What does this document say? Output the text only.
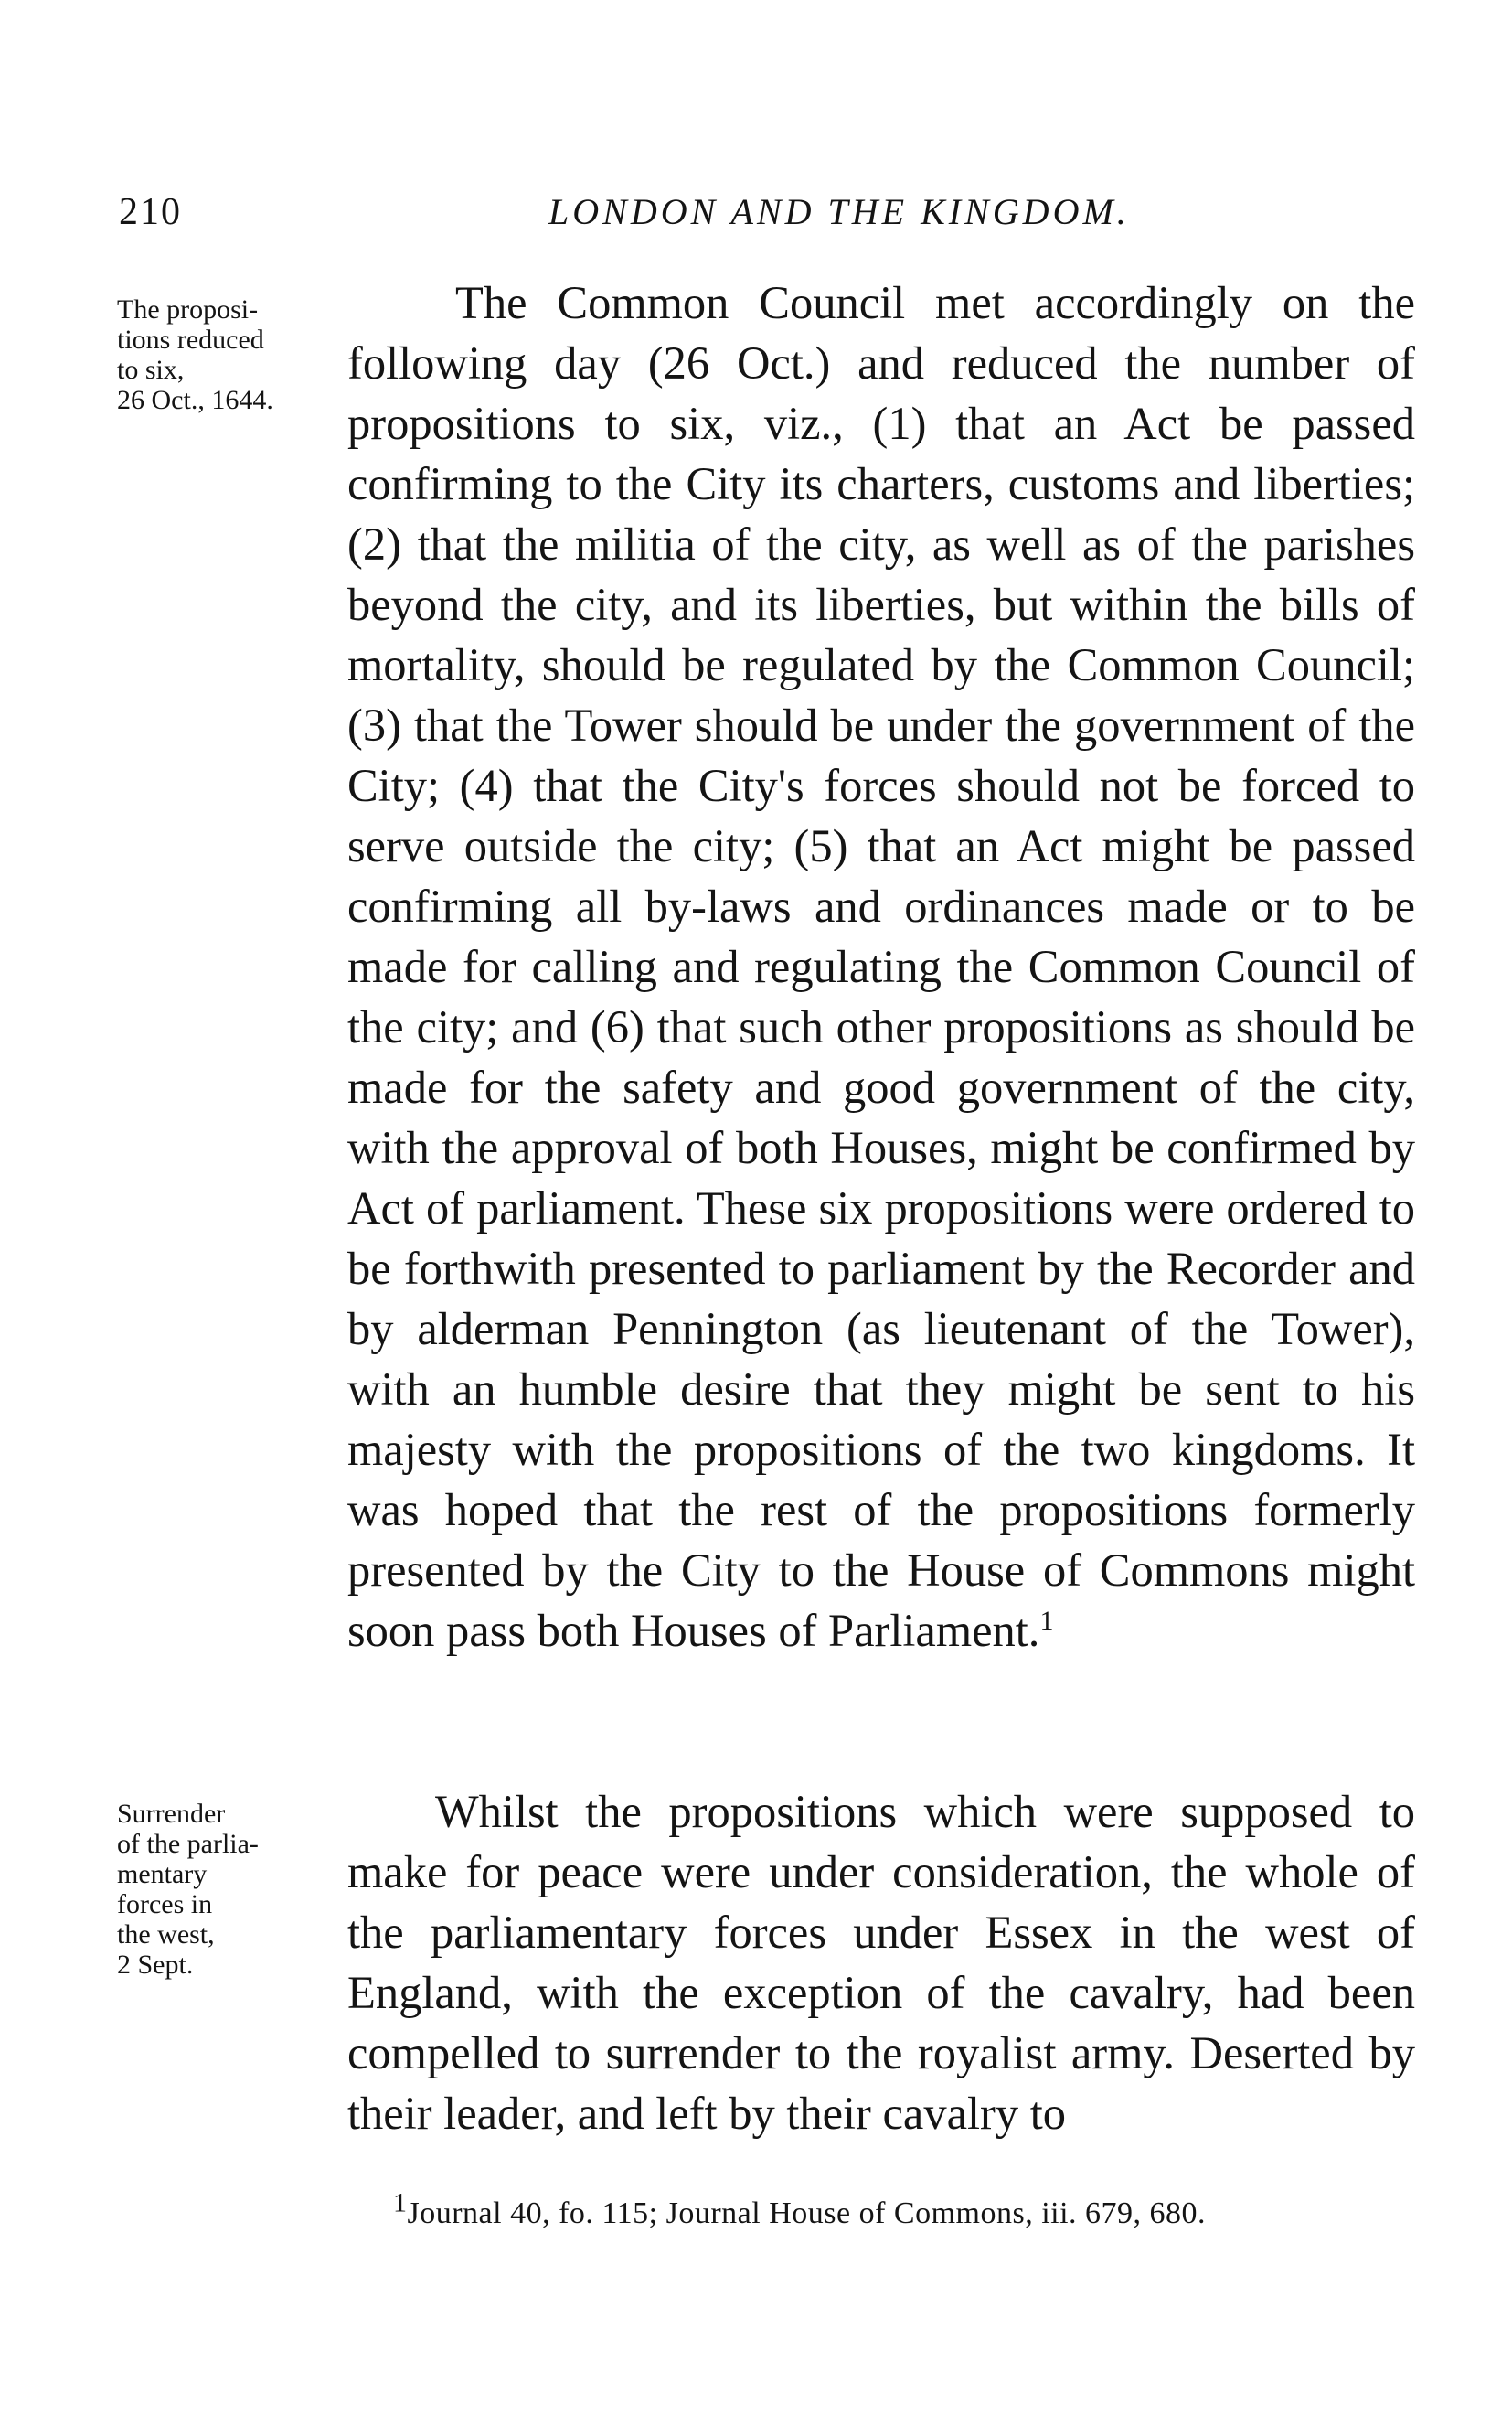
210	LONDON AND THE KINGDOM.
The proposi-
tions reduced
to six,
26 Oct., 1644.

The Common Council met accordingly on the following day (26 Oct.) and reduced the number of propositions to six, viz., (1) that an Act be passed confirming to the City its charters, customs and liberties; (2) that the militia of the city, as well as of the parishes beyond the city, and its liberties, but within the bills of mortality, should be regulated by the Common Council; (3) that the Tower should be under the government of the City; (4) that the City's forces should not be forced to serve outside the city; (5) that an Act might be passed confirming all by-laws and ordinances made or to be made for calling and regulating the Common Council of the city; and (6) that such other propositions as should be made for the safety and good government of the city, with the approval of both Houses, might be confirmed by Act of parliament. These six propositions were ordered to be forthwith presented to parliament by the Recorder and by alderman Pennington (as lieutenant of the Tower), with an humble desire that they might be sent to his majesty with the propositions of the two kingdoms. It was hoped that the rest of the propositions formerly presented by the City to the House of Commons might soon pass both Houses of Parliament.$^1$

Surrender
of the parlia-
mentary
forces in
the west,
2 Sept.

Whilst the propositions which were supposed to make for peace were under consideration, the whole of the parliamentary forces under Essex in the west of England, with the exception of the cavalry, had been compelled to surrender to the royalist army. Deserted by their leader, and left by their cavalry to

1Journal 40, fo. 115; Journal House of Commons, iii. 679, 680.
